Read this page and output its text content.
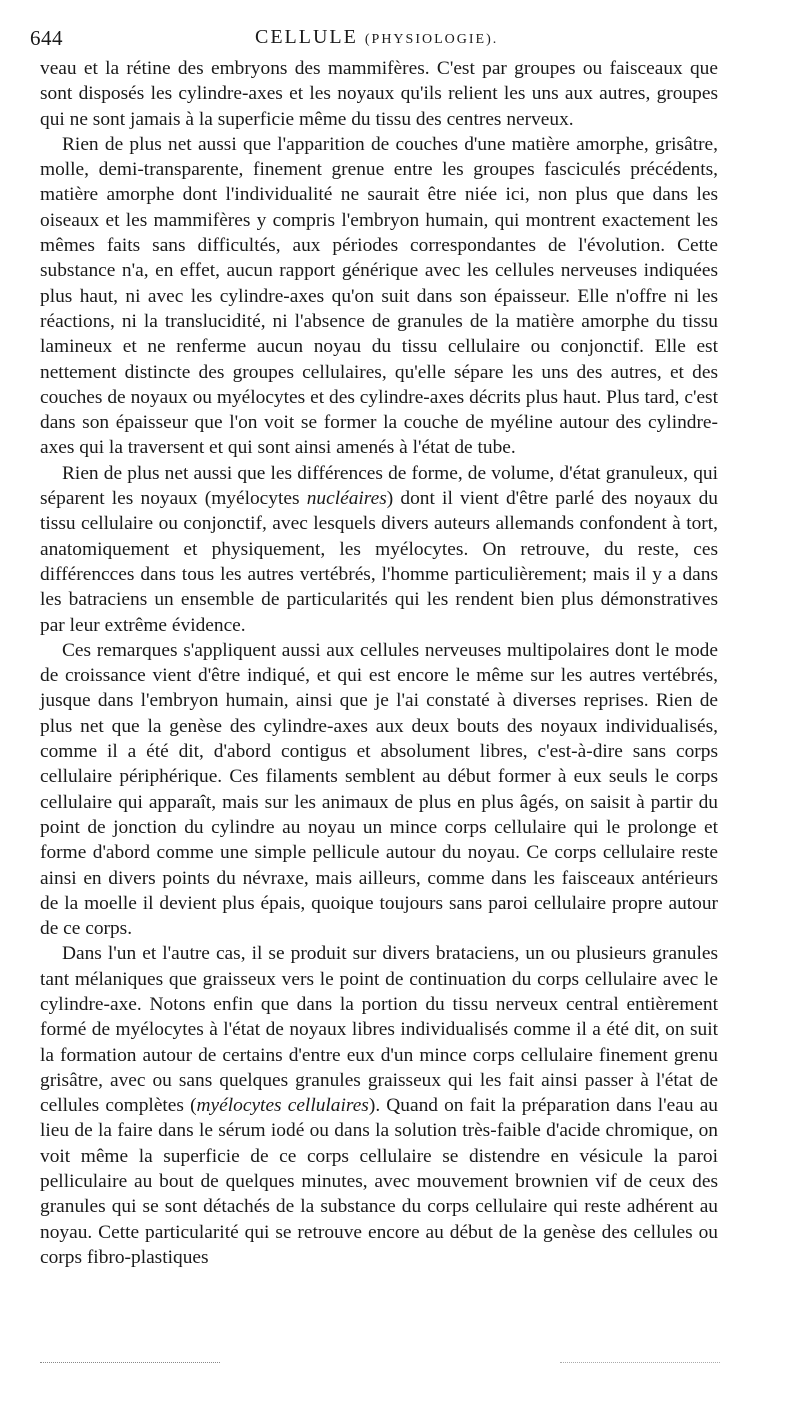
644	CELLULE (PHYSIOLOGIE).

veau et la rétine des embryons des mammifères. C'est par groupes ou faisceaux que sont disposés les cylindre-axes et les noyaux qu'ils relient les uns aux autres, groupes qui ne sont jamais à la superficie même du tissu des centres nerveux.

Rien de plus net aussi que l'apparition de couches d'une matière amorphe, grisâtre, molle, demi-transparente, finement grenue entre les groupes fasciculés précédents, matière amorphe dont l'individualité ne saurait être niée ici, non plus que dans les oiseaux et les mammifères y compris l'embryon humain, qui montrent exactement les mêmes faits sans difficultés, aux périodes correspondantes de l'évolution. Cette substance n'a, en effet, aucun rapport générique avec les cellules nerveuses indiquées plus haut, ni avec les cylindre-axes qu'on suit dans son épaisseur. Elle n'offre ni les réactions, ni la translucidité, ni l'absence de granules de la matière amorphe du tissu lamineux et ne renferme aucun noyau du tissu cellulaire ou conjonctif. Elle est nettement distincte des groupes cellulaires, qu'elle sépare les uns des autres, et des couches de noyaux ou myélocytes et des cylindre-axes décrits plus haut. Plus tard, c'est dans son épaisseur que l'on voit se former la couche de myéline autour des cylindre-axes qui la traversent et qui sont ainsi amenés à l'état de tube.

Rien de plus net aussi que les différences de forme, de volume, d'état granuleux, qui séparent les noyaux (myélocytes nucléaires) dont il vient d'être parlé des noyaux du tissu cellulaire ou conjonctif, avec lesquels divers auteurs allemands confondent à tort, anatomiquement et physiquement, les myélocytes. On retrouve, du reste, ces différencces dans tous les autres vertébrés, l'homme particulièrement; mais il y a dans les batraciens un ensemble de particularités qui les rendent bien plus démonstratives par leur extrême évidence.

Ces remarques s'appliquent aussi aux cellules nerveuses multipolaires dont le mode de croissance vient d'être indiqué, et qui est encore le même sur les autres vertébrés, jusque dans l'embryon humain, ainsi que je l'ai constaté à diverses reprises. Rien de plus net que la genèse des cylindre-axes aux deux bouts des noyaux individualisés, comme il a été dit, d'abord contigus et absolument libres, c'est-à-dire sans corps cellulaire périphérique. Ces filaments semblent au début former à eux seuls le corps cellulaire qui apparaît, mais sur les animaux de plus en plus âgés, on saisit à partir du point de jonction du cylindre au noyau un mince corps cellulaire qui le prolonge et forme d'abord comme une simple pellicule autour du noyau. Ce corps cellulaire reste ainsi en divers points du névraxe, mais ailleurs, comme dans les faisceaux antérieurs de la moelle il devient plus épais, quoique toujours sans paroi cellulaire propre autour de ce corps.

Dans l'un et l'autre cas, il se produit sur divers brataciens, un ou plusieurs granules tant mélaniques que graisseux vers le point de continuation du corps cellulaire avec le cylindre-axe. Notons enfin que dans la portion du tissu nerveux central entièrement formé de myélocytes à l'état de noyaux libres individualisés comme il a été dit, on suit la formation autour de certains d'entre eux d'un mince corps cellulaire finement grenu grisâtre, avec ou sans quelques granules graisseux qui les fait ainsi passer à l'état de cellules complètes (myélocytes cellulaires). Quand on fait la préparation dans l'eau au lieu de la faire dans le sérum iodé ou dans la solution très-faible d'acide chromique, on voit même la superficie de ce corps cellulaire se distendre en vésicule la paroi pelliculaire au bout de quelques minutes, avec mouvement brownien vif de ceux des granules qui se sont détachés de la substance du corps cellulaire qui reste adhérent au noyau. Cette particularité qui se retrouve encore au début de la genèse des cellules ou corps fibro-plastiques
